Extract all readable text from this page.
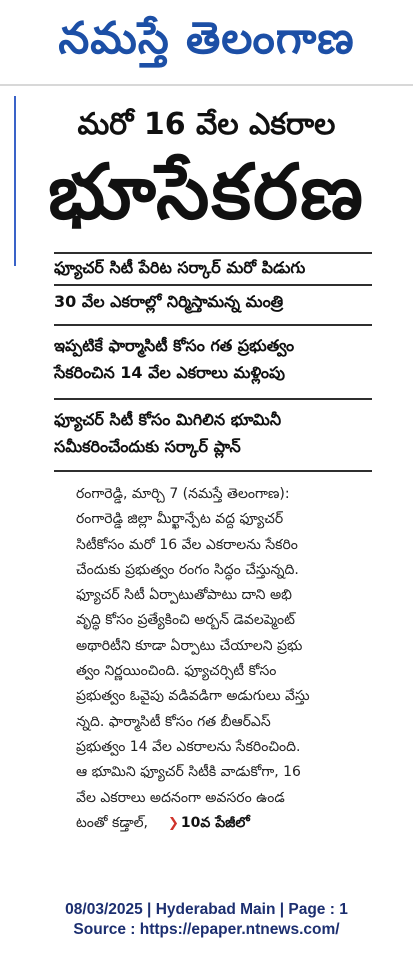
నమస్తే తెలంగాణ
మరో 16 వేల ఎకరాల
భూసేకరణ
ఫ్యూచర్ సిటీ పేరిట సర్కార్ మరో పిడుగు
30 వేల ఎకరాల్లో నిర్మిస్తామన్న మంత్రి
ఇప్పటికే ఫార్మాసిటీ కోసం గత ప్రభుత్వం
సేకరించిన 14 వేల ఎకరాలు మళ్లింపు
ఫ్యూచర్ సిటీ కోసం మిగిలిన భూమినీ
సమీకరించేందుకు సర్కార్ ప్లాన్
రంగారెడ్డి, మార్చి 7 (నమస్తే తెలంగాణ):
రంగారెడ్డి జిల్లా మీర్ఖాన్పేట వద్ద ఫ్యూచర్
సిటీకోసం మరో 16 వేల ఎకరాలను సేకరిం
చేందుకు ప్రభుత్వం రంగం సిద్ధం చేస్తున్నది.
ఫ్యూచర్ సిటీ ఏర్పాటుతోపాటు దాని అభి
వృద్ధి కోసం ప్రత్యేకించి అర్బన్ డెవలప్మెంట్
అథారిటీని కూడా ఏర్పాటు చేయాలని ప్రభు
త్వం నిర్ణయించింది. ఫ్యూచర్సిటీ కోసం
ప్రభుత్వం ఓవైపు వడివడిగా అడుగులు వేస్తు
న్నది. ఫార్మాసిటీ కోసం గత బీఆర్ఎస్
ప్రభుత్వం 14 వేల ఎకరాలను సేకరించింది.
ఆ భూమిని ఫ్యూచర్ సిటీకి వాడుకోగా, 16
వేల ఎకరాలు అదనంగా అవసరం ఉండ
టంతో కడ్తాల్, ❯ 10వ పేజీలో
08/03/2025 | Hyderabad Main | Page : 1
Source : https://epaper.ntnews.com/
